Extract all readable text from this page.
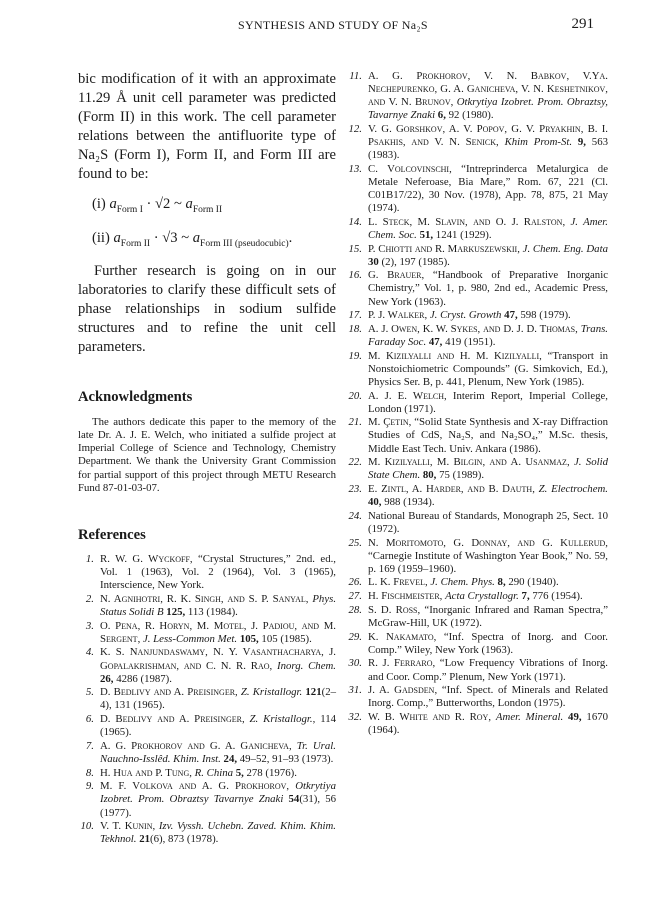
SYNTHESIS AND STUDY OF Na₂S	291

bic modification of it with an approximate 11.29 Å unit cell parameter was predicted (Form II) in this work. The cell parameter relations between the antifluorite type of Na₂S (Form I), Form II, and Form III are found to be:

(i) $a_{Form I} \cdot √2$ ~ $a_{Form II}$
(ii) $a_{Form II} \cdot √3$ ~ $a_{Form III (pseudocubic)}$.

Further research is going on in our laboratories to clarify these difficult sets of phase relationships in sodium sulfide structures and to refine the unit cell parameters.

Acknowledgments

The authors dedicate this paper to the memory of the late Dr. A. J. E. Welch, who initiated a sulfide project at Imperial College of Science and Technology, Chemistry Department. We thank the University Grant Commission for partial support of this project through METU Research Fund 87-01-03-07.

References

1. R. W. G. Wyckoff, “Crystal Structures,” 2nd. ed., Vol. 1 (1963), Vol. 2 (1964), Vol. 3 (1965), Interscience, New York.

2. N. Agnihotri, R. K. Singh, and S. P. Sanyal, Phys. Status Solidi B 125, 113 (1984).

3. O. Pena, R. Horyn, M. Motel, J. Padiou, and M. Sergent, J. Less-Common Met. 105, 105 (1985).

4. K. S. Nanjundaswamy, N. Y. Vasanthacharya, J. Gopalakrishman, and C. N. R. Rao, Inorg. Chem. 26, 4286 (1987).

5. D. Bedlivy and A. Preisinger, Z. Kristallogr. 121(2–4), 131 (1965).

6. D. Bedlivy and A. Preisinger, Z. Kristallogr., 114 (1965).

7. A. G. Prokhorov and G. A. Ganicheva, Tr. Ural. Nauchno-Isslêd. Khim. Inst. 24, 49–52, 91–93 (1973).

8. H. Hua and P. Tung, R. China 5, 278 (1976).

9. M. F. Volkova and A. G. Prokhorov, Otkrytiya Izobret. Prom. Obraztsy Tavarnye Znaki 54(31), 56 (1977).

10. V. T. Kunin, Izv. Vyssh. Uchebn. Zaved. Khim. Khim. Tekhnol. 21(6), 873 (1978).

11. A. G. Prokhorov, V. N. Babkov, V.Ya. Nechepurenko, G. A. Ganicheva, V. N. Keshetnikov, and V. N. Brunov, Otkrytiya Izobret. Prom. Obraztsy, Tavarnye Znaki 6, 92 (1980).

12. V. G. Gorshkov, A. V. Popov, G. V. Pryakhin, B. I. Psakhis, and V. N. Senick, Khim Prom-St. 9, 563 (1983).

13. C. Volcovinschi, “Intreprinderca Metalurgica de Metale Neferoase, Bia Mare,” Rom. 67, 221 (Cl. C01B17/22), 30 Nov. (1978), App. 78, 875, 21 May (1974).

14. L. Steck, M. Slavin, and O. J. Ralston, J. Amer. Chem. Soc. 51, 1241 (1929).

15. P. Chiotti and R. Markuszewskii, J. Chem. Eng. Data 30 (2), 197 (1985).

16. G. Brauer, “Handbook of Preparative Inorganic Chemistry,” Vol. 1, p. 980, 2nd ed., Academic Press, New York (1963).

17. P. J. Walker, J. Cryst. Growth 47, 598 (1979).

18. A. J. Owen, K. W. Sykes, and D. J. D. Thomas, Trans. Faraday Soc. 47, 419 (1951).

19. M. Kizilyalli and H. M. Kizilyalli, “Transport in Nonstoichiometric Compounds” (G. Simkovich, Ed.), Physics Ser. B, p. 441, Plenum, New York (1985).

20. A. J. E. Welch, Interim Report, Imperial College, London (1971).

21. M. Çetin, “Solid State Synthesis and X-ray Diffraction Studies of CdS, Na₂S, and Na₂SO₄,” M.Sc. thesis, Middle East Tech. Univ. Ankara (1986).

22. M. Kizilyalli, M. Bilgin, and A. Usanmaz, J. Solid State Chem. 80, 75 (1989).

23. E. Zintl, A. Harder, and B. Dauth, Z. Electrochem. 40, 988 (1934).

24. National Bureau of Standards, Monograph 25, Sect. 10 (1972).

25. N. Moritomoto, G. Donnay, and G. Kullerud, “Carnegie Institute of Washington Year Book,” No. 59, p. 169 (1959–1960).

26. L. K. Frevel, J. Chem. Phys. 8, 290 (1940).

27. H. Fischmeister, Acta Crystallogr. 7, 776 (1954).

28. S. D. Ross, “Inorganic Infrared and Raman Spectra,” McGraw-Hill, UK (1972).

29. K. Nakamato, “Inf. Spectra of Inorg. and Coor. Comp.” Wiley, New York (1963).

30. R. J. Ferraro, “Low Frequency Vibrations of Inorg. and Coor. Comp.” Plenum, New York (1971).

31. J. A. Gadsden, “Inf. Spect. of Minerals and Related Inorg. Comp.,” Butterworths, London (1975).

32. W. B. White and R. Roy, Amer. Mineral. 49, 1670 (1964).
